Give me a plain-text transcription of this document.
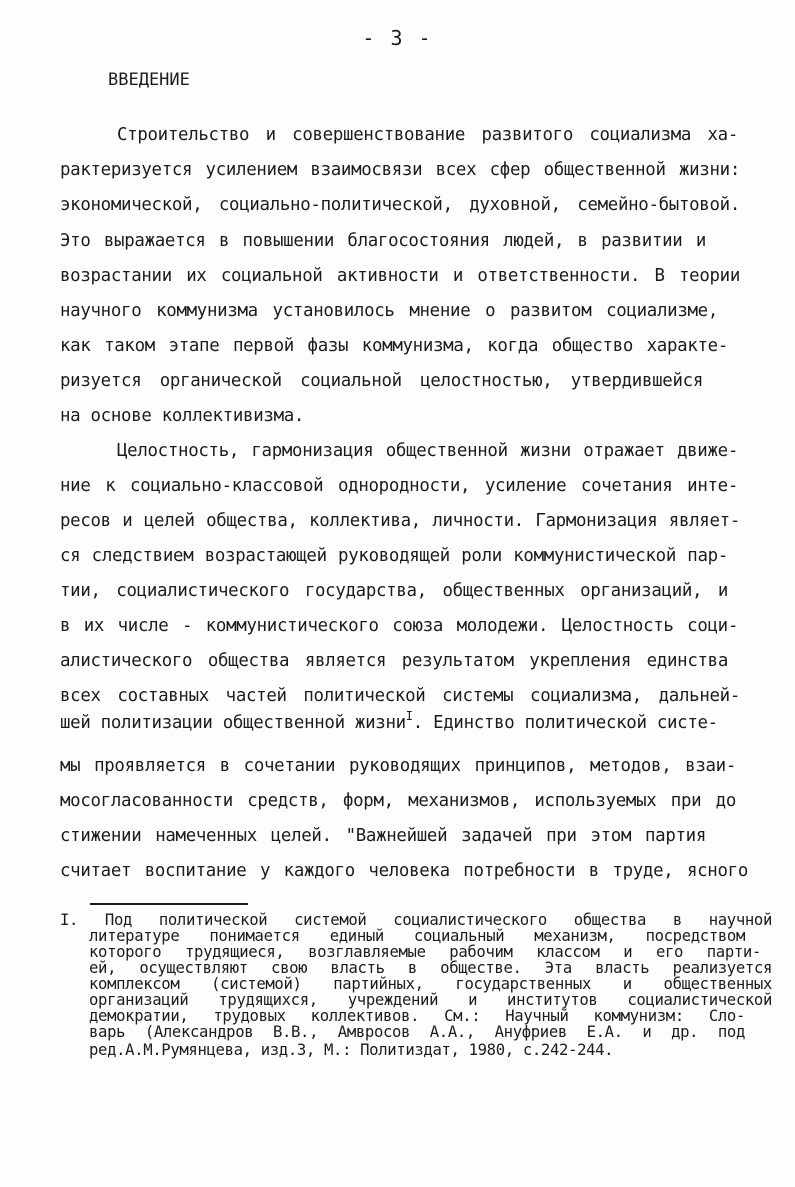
- 3 -
ВВЕДЕНИЕ
Строительство и совершенствование развитого социализма ха-
рактеризуется усилением взаимосвязи всех сфер общественной жизни:
экономической, социально-политической, духовной, семейно-бытовой.
Это выражается в повышении благосостояния людей, в развитии и
возрастании их социальной активности и ответственности. В теории
научного коммунизма установилось мнение о развитом социализме,
как таком этапе первой фазы коммунизма, когда общество характе-
ризуется органической социальной целостностью, утвердившейся
на основе коллективизма.
Целостность, гармонизация общественной жизни отражает движе-
ние к социально-классовой однородности, усиление сочетания инте-
ресов и целей общества, коллектива, личности. Гармонизация являет-
ся следствием возрастающей руководящей роли коммунистической пар-
тии, социалистического государства, общественных организаций, и
в их числе - коммунистического союза молодежи. Целостность соци-
алистического общества является результатом укрепления единства
всех составных частей политической системы социализма, дальней-
шей политизации общественной жизни$^I$. Единство политической систе-
мы проявляется в сочетании руководящих принципов, методов, взаи-
мосогласованности средств, форм, механизмов, используемых при до
стижении намеченных целей. "Важнейшей задачей при этом партия
считает воспитание у каждого человека потребности в труде, ясного
I. Под политической системой социалистического общества в научной
литературе понимается единый социальный механизм, посредством
которого трудящиеся, возглавляемые рабочим классом и его парти-
ей, осуществляют свою власть в обществе. Эта власть реализуется
комплексом (системой) партийных, государственных и общественных
организаций трудящихся, учреждений и институтов социалистической
демократии, трудовых коллективов. См.: Научный коммунизм: Сло-
варь (Александров В.В., Амвросов А.А., Ануфриев Е.А. и др. под
ред.А.М.Румянцева, изд.3, М.: Политиздат, 1980, с.242-244.
